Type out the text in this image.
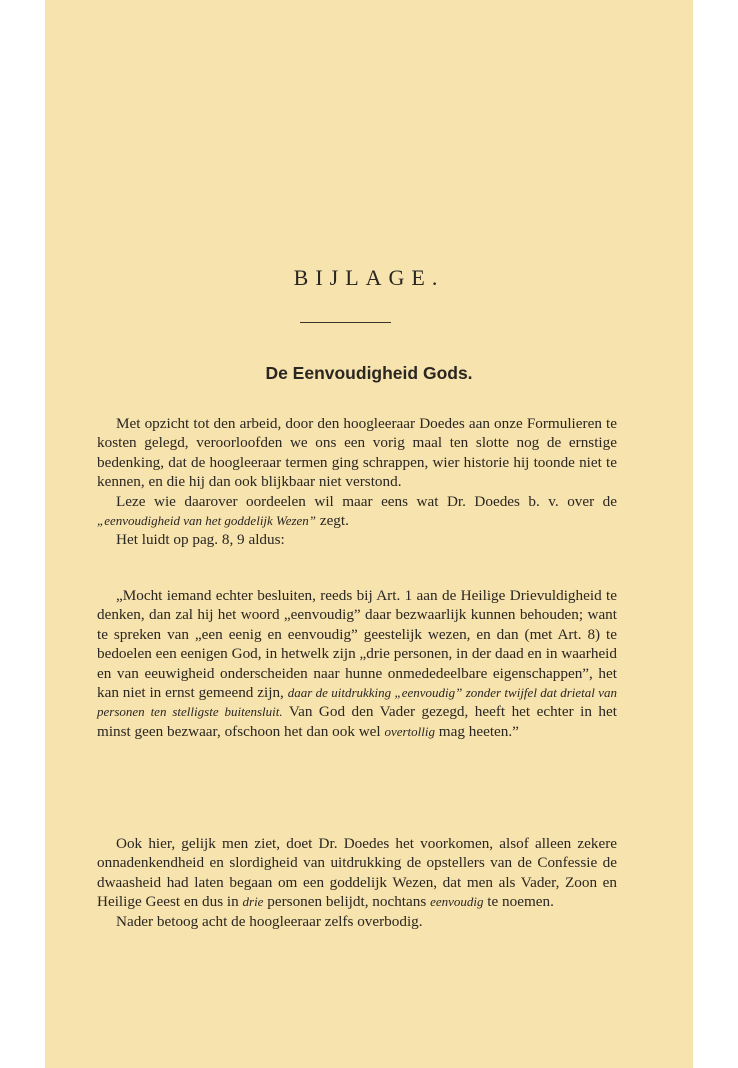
BIJLAGE.
De Eenvoudigheid Gods.

Met opzicht tot den arbeid, door den hoogleeraar Doedes aan onze Formulieren te kosten gelegd, veroorloofden we ons een vorig maal ten slotte nog de ernstige bedenking, dat de hoogleeraar termen ging schrappen, wier historie hij toonde niet te kennen, en die hij dan ook blijkbaar niet verstond.

Leze wie daarover oordeelen wil maar eens wat Dr. Doedes b. v. over de „eenvoudigheid van het goddelijk Wezen” zegt.

Het luidt op pag. 8, 9 aldus:

„Mocht iemand echter besluiten, reeds bij Art. 1 aan de Heilige Drievuldigheid te denken, dan zal hij het woord „eenvoudig” daar bezwaarlijk kunnen behouden; want te spreken van „een eenig en eenvoudig” geestelijk wezen, en dan (met Art. 8) te bedoelen een eenigen God, in hetwelk zijn „drie personen, in der daad en in waarheid en van eeuwigheid onderscheiden naar hunne onmededeelbare eigenschappen”, het kan niet in ernst gemeend zijn, daar de uitdrukking „eenvoudig” zonder twijfel dat drietal van personen ten stelligste buitensluit. Van God den Vader gezegd, heeft het echter in het minst geen bezwaar, ofschoon het dan ook wel overtollig mag heeten.”

Ook hier, gelijk men ziet, doet Dr. Doedes het voorkomen, alsof alleen zekere onnadenkendheid en slordigheid van uitdrukking de opstellers van de Confessie de dwaasheid had laten begaan om een goddelijk Wezen, dat men als Vader, Zoon en Heilige Geest en dus in drie personen belijdt, nochtans eenvoudig te noemen.

Nader betoog acht de hoogleeraar zelfs overbodig.
